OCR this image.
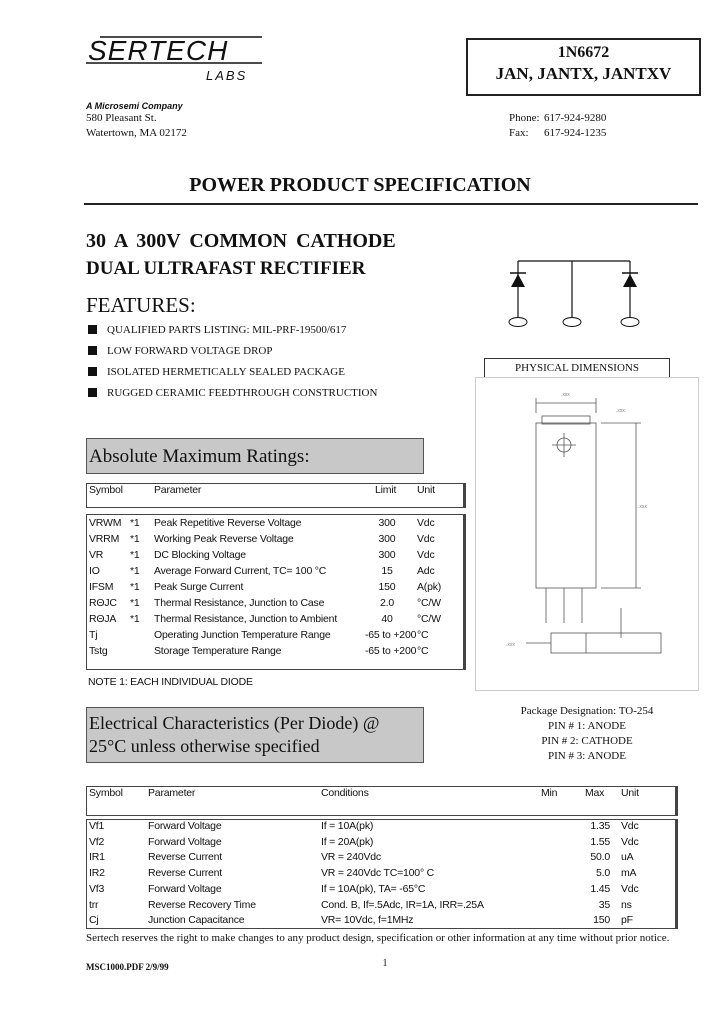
SERTECH
LABS
A Microsemi Company
580 Pleasant St.
Watertown, MA 02172
1N6672
JAN, JANTX, JANTXV
Phone: 617-924-9280
Fax: 617-924-1235
POWER PRODUCT SPECIFICATION
30 A 300V COMMON CATHODE
DUAL ULTRAFAST RECTIFIER
FEATURES:
QUALIFIED PARTS LISTING: MIL-PRF-19500/617
LOW FORWARD VOLTAGE DROP
ISOLATED HERMETICALLY SEALED PACKAGE
RUGGED CERAMIC FEEDTHROUGH CONSTRUCTION
PHYSICAL DIMENSIONS
.xxx
.xxx
.xxx
.xxx
Absolute Maximum Ratings:
Symbol	Parameter	Limit Unit
VRWM *1 Peak Repetitive Reverse Voltage	300	Vdc
VRRM *1 Working Peak Reverse Voltage	300	Vdc
VR	*1 DC Blocking Voltage	300	Vdc
IO	*1 Average Forward Current, TC= 100 °C	15	Adc
IFSM *1 Peak Surge Current	150	A(pk)
RΘJC *1 Thermal Resistance, Junction to Case	2.0	°C/W
RΘJA *1 Thermal Resistance, Junction to Ambient	40	°C/W
Tj	Operating Junction Temperature Range	-65 to +200 °C
Tstg	Storage Temperature Range	-65 to +200 °C
NOTE 1: EACH INDIVIDUAL DIODE
Package Designation: TO-254
PIN # 1: ANODE
PIN # 2: CATHODE
PIN # 3: ANODE
Electrical Characteristics (Per Diode) @
25°C unless otherwise specified
Symbol Parameter	Conditions	Min	Max Unit
Vf1	Forward Voltage	If = 10A(pk)	1.35 Vdc
Vf2	Forward Voltage	If = 20A(pk)	1.55 Vdc
IR1	Reverse Current	VR = 240Vdc	50.0 uA
IR2	Reverse Current	VR = 240Vdc TC=100° C	5.0 mA
Vf3	Forward Voltage	If = 10A(pk), TA= -65°C	1.45 Vdc
trr	Reverse Recovery Time	Cond. B, If=.5Adc, IR=1A, IRR=.25A	35 ns
Cj	Junction Capacitance	VR= 10Vdc, f=1MHz	150 pF
Sertech reserves the right to make changes to any product design, specification or other information at any time without prior notice.
MSC1000.PDF 2/9/99	1
